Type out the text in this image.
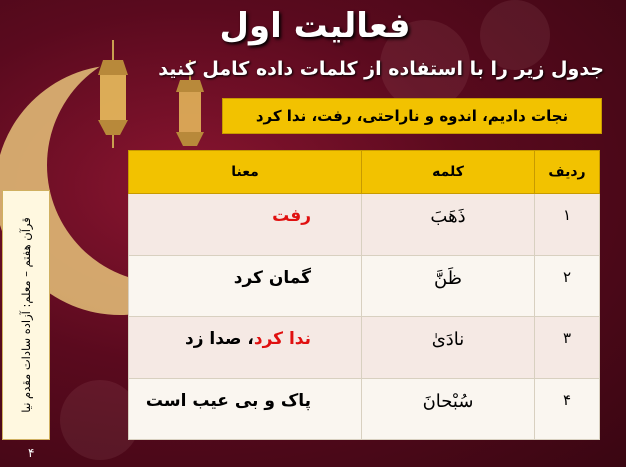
فعالیت اول
جدول زیر را با استفاده از کلمات داده کامل کنید
نجات دادیم، اندوه و ناراحتی، رفت، ندا کرد
ردیف	کلمه	معنا
۱	ذَهَبَ	رفت
۲	ظَنَّ	گمان کرد
۳	نادَیٰ	ندا کرد، صدا زد
۴	سُبْحانَ	پاک و بی عیب است
قرآن هفتم – معلم: آزاده سادات مقدم نیا
۴
